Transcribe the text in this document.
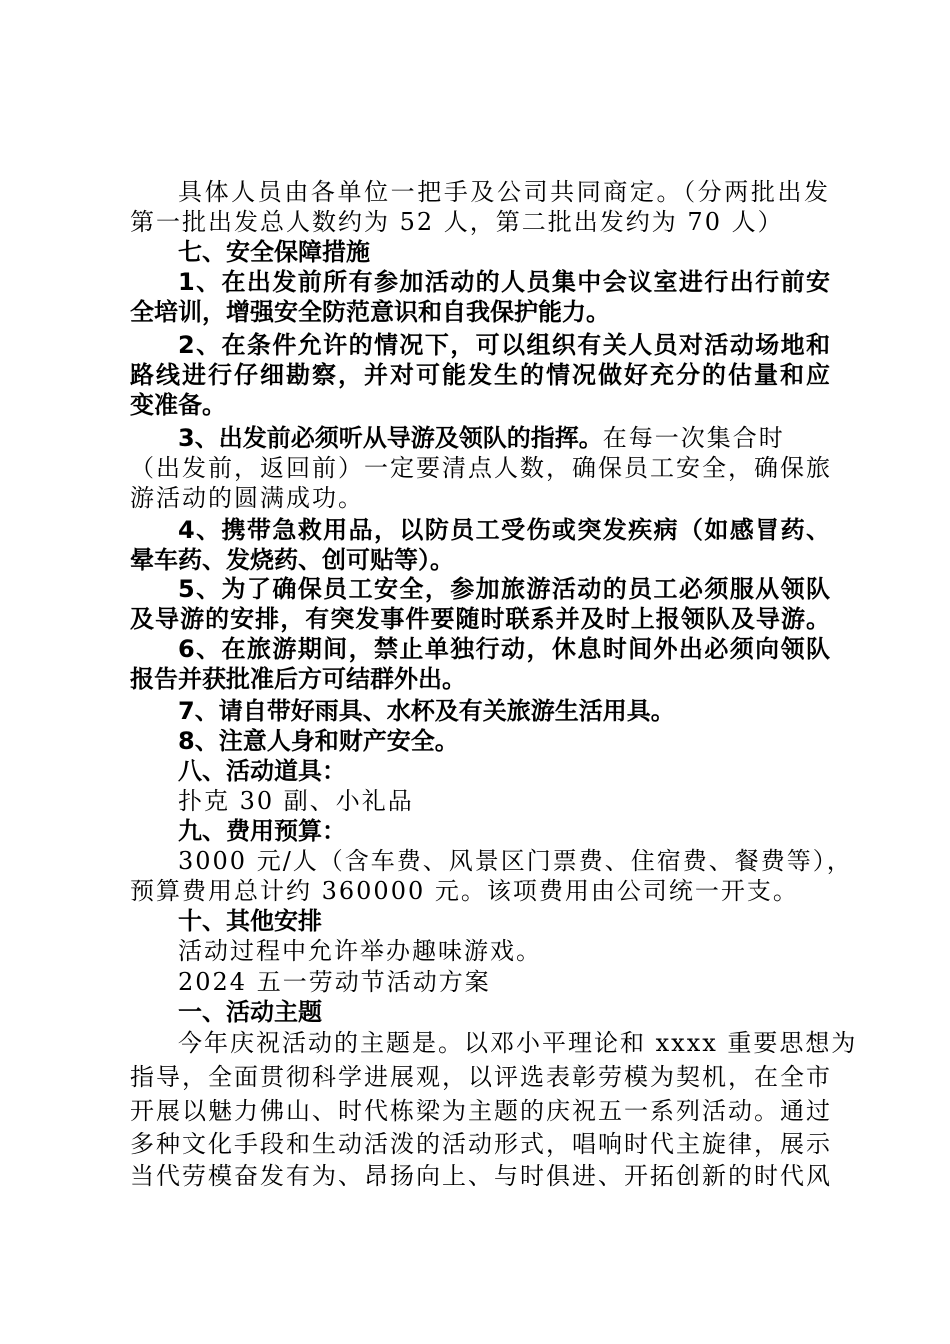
具体人员由各单位一把手及公司共同商定。（分两批出发
第一批出发总人数约为 52 人，第二批出发约为 70 人）
七、安全保障措施
1、在出发前所有参加活动的人员集中会议室进行出行前安
全培训，增强安全防范意识和自我保护能力。
2、在条件允许的情况下，可以组织有关人员对活动场地和
路线进行仔细勘察，并对可能发生的情况做好充分的估量和应
变准备。
3、出发前必须听从导游及领队的指挥。在每一次集合时
（出发前，返回前）一定要清点人数，确保员工安全，确保旅
游活动的圆满成功。
4、携带急救用品，以防员工受伤或突发疾病（如感冒药、
晕车药、发烧药、创可贴等）。
5、为了确保员工安全，参加旅游活动的员工必须服从领队
及导游的安排，有突发事件要随时联系并及时上报领队及导游。
6、在旅游期间，禁止单独行动，休息时间外出必须向领队
报告并获批准后方可结群外出。
7、请自带好雨具、水杯及有关旅游生活用具。
8、注意人身和财产安全。
八、活动道具：
扑克 30 副、小礼品
九、费用预算：
3000 元/人（含车费、风景区门票费、住宿费、餐费等），
预算费用总计约 360000 元。该项费用由公司统一开支。
十、其他安排
活动过程中允许举办趣味游戏。
2024 五一劳动节活动方案
一、活动主题
今年庆祝活动的主题是。以邓小平理论和 xxxx 重要思想为
指导，全面贯彻科学进展观，以评选表彰劳模为契机，在全市
开展以魅力佛山、时代栋梁为主题的庆祝五一系列活动。通过
多种文化手段和生动活泼的活动形式，唱响时代主旋律，展示
当代劳模奋发有为、昂扬向上、与时俱进、开拓创新的时代风
